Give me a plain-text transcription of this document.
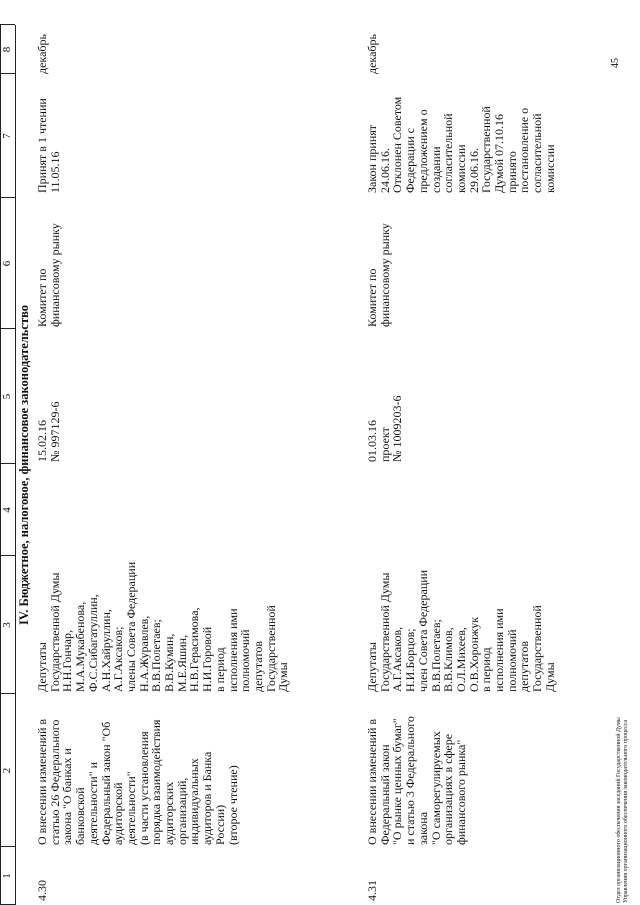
1
2
3
4
5
6
7
8
IV. Бюджетное, налоговое, финансовое законодательство
4.30
О внесении изменений в
статью 26 Федерального
закона "О банках и
банковской
деятельности" и
Федеральный закон "Об
аудиторской
деятельности"
(в части установления
порядка взаимодействия
аудиторских
организаций,
индивидуальных
аудиторов и Банка
России)
(второе чтение)
Депутаты
Государственной Думы
Н.Н.Гончар,
М.А.Мукабенова,
Ф.С.Сибагатуллин,
А.Н.Хайруллин,
А.Г.Аксаков;
члены Совета Федерации
Н.А.Журавлев,
В.В.Полетаев;
В.В.Кумин,
М.Е.Яшин,
Н.В.Герасимова,
Н.И.Горовой
в период
исполнения ими
полномочий
депутатов
Государственной
Думы
15.02.16
№ 997129-6
Комитет по
финансовому рынку
Принят в 1 чтении
11.05.16
декабрь
4.31
О внесении изменений в
Федеральный закон
"О рынке ценных бумаг"
и статью 3 Федерального
закона
"О саморегулируемых
организациях в сфере
финансового рынка"
Депутаты
Государственной Думы
А.Г.Аксаков,
Н.И.Борцов;
член Совета Федерации
В.В.Полетаев;
В.В.Климов,
О.Л.Михеев,
О.В.Хоронжук
в период
исполнения ими
полномочий
депутатов
Государственной
Думы
01.03.16
проект
№ 1009203-6
Комитет по
финансовому рынку
Закон принят
24.06.16.
Отклонен Советом
Федерации с
предложением о
создании
согласительной
комиссии
29.06.16.
Государственной
Думой 07.10.16
принято
постановление о
согласительной
комиссии
декабрь	45
Отдел организационного обеспечения заседаний Государственной Думы Управления организационного обеспечения законодательного процесса
